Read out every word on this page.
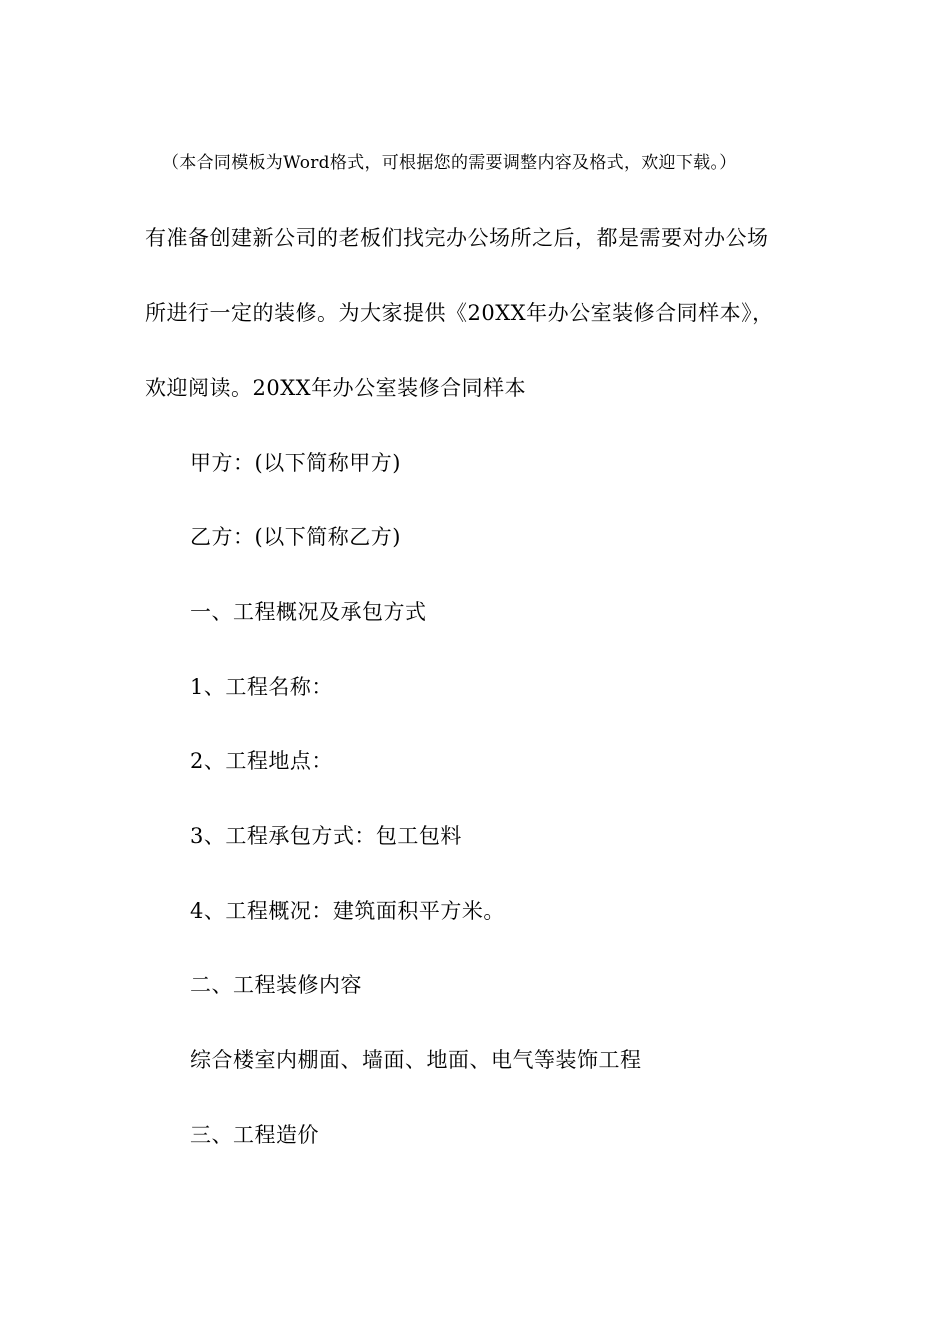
（本合同模板为Word格式，可根据您的需要调整内容及格式，欢迎下载。）
有准备创建新公司的老板们找完办公场所之后，都是需要对办公场
所进行一定的装修。为大家提供《20XX年办公室装修合同样本》，
欢迎阅读。20XX年办公室装修合同样本
甲方：(以下简称甲方)
乙方：(以下简称乙方)
一、工程概况及承包方式
1、工程名称：
2、工程地点：
3、工程承包方式：包工包料
4、工程概况：建筑面积平方米。
二、工程装修内容
综合楼室内棚面、墙面、地面、电气等装饰工程
三、工程造价
